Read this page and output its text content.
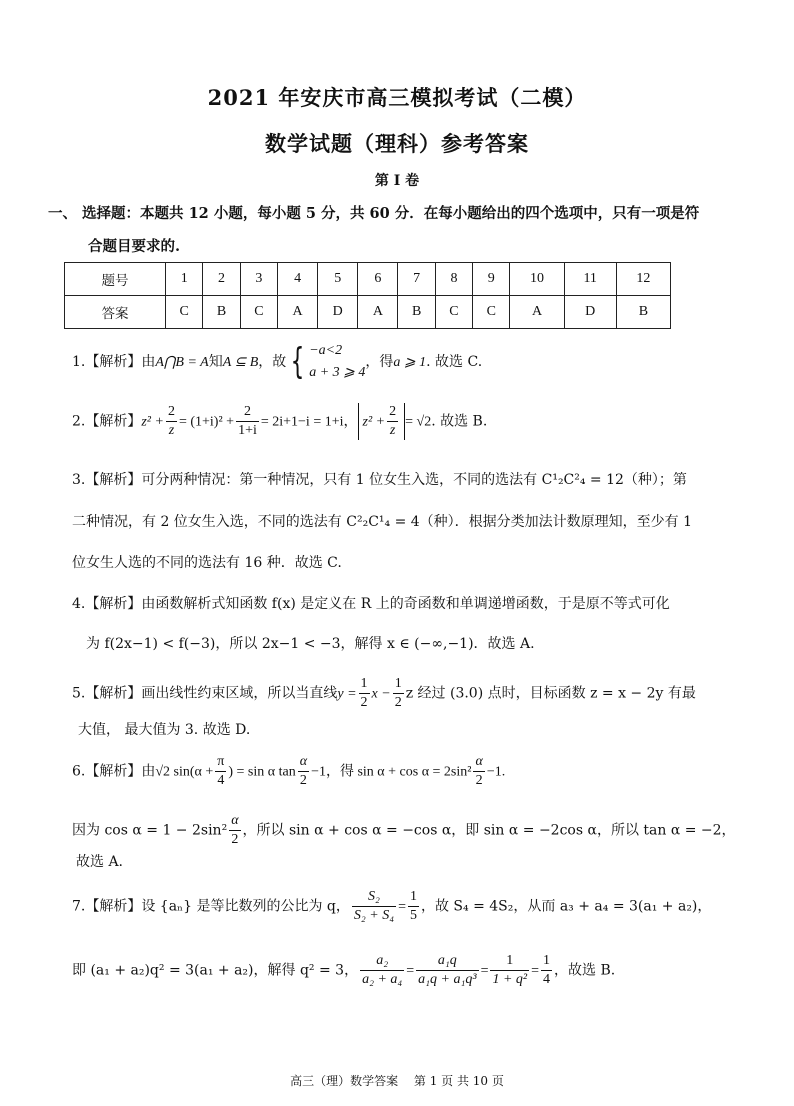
2021 年安庆市高三模拟考试（二模）
数学试题（理科）参考答案
第 I 卷
一、 选择题：本题共 12 小题，每小题 5 分，共 60 分．在每小题给出的四个选项中，只有一项是符
合题目要求的.
题号	1	2	3	4	5	6	7	8	9	10	11	12
答案	C	B	C	A	D	A	B	C	C	A	D	B
1.【解析】由A⋂B = A知A ⊆ B，故 { −a<2
a + 3 ⩾ 4
，得a ⩾ 1. 故选 C.
2.【解析】$z^2 + \frac{2}{z} = (1+i)^2 + \frac{2}{1+i} = 2i+1-i = 1+i$， $z^2 + \frac{2}{z} = √2$. 故选 B.
3.【解析】可分两种情况：第一种情况，只有 1 位女生入选，不同的选法有 C¹₂C²₄ = 12（种）；第
二种情况，有 2 位女生入选，不同的选法有 C²₂C¹₄ = 4（种）．根据分类加法计数原理知，至少有 1
位女生人选的不同的选法有 16 种．故选 C.
4.【解析】由函数解析式知函数 f(x) 是定义在 R 上的奇函数和单调递增函数，于是原不等式可化
为 f(2x−1) < f(−3)，所以 2x−1 < −3，解得 x ∈ (−∞,−1)．故选 A.
5.【解析】画出线性约束区域，所以当直线$y = \frac{1}{2}$ $x - \frac{1}{2}$ z 经过 (3.0) 点时，目标函数 z = x − 2y 有最
大值， 最大值为 3. 故选 D.
6.【解析】由√2 $\sin(\alpha + \frac{\pi}{4}$ ) = sin α $\tan \frac{\alpha}{2} -1$，得 $\sin \alpha + \cos \alpha = 2\sin^2 \frac{\alpha}{2} -1$.
因为 $\cos \alpha = 1 - 2\sin^2 \frac{\alpha}{2}$ ，所以 sin α + cos α = −cos α，即 sin α = −2cos α，所以 tan α = −2，
故选 A.
7.【解析】设 {aₙ} 是等比数列的公比为 q， $\frac{\text{S₂}}{\text{S₂ + S₄}} = \frac{1}{5}$ ，故 S₄ = 4S₂，从而 a₃ + a₄ = 3(a₁ + a₂)，
即 (a₁ + a₂)q² = 3(a₁ + a₂)，解得 q² = 3， $\frac{\text{a₂}}{\text{a₂ + a₄}} = \frac{\text{a₁q}}{\text{a₁q + a₁q³}} = \frac{1}{\text{1 + q²}} = \frac{1}{4}$ ，故选 B.
高三（理）数学答案　 第 1 页 共 10 页
